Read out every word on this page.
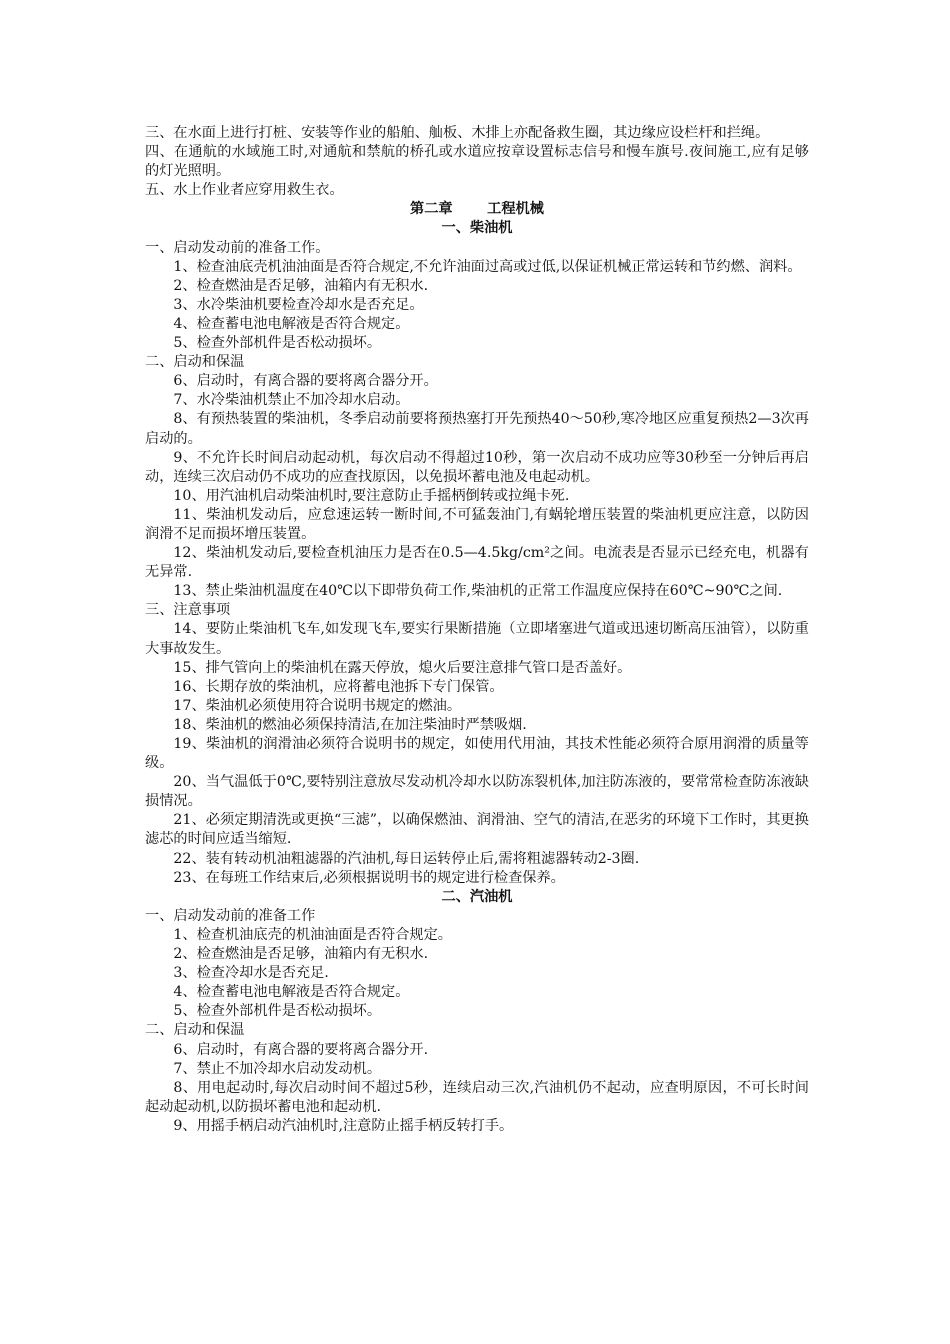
三、在水面上进行打桩、安装等作业的船舶、舢板、木排上亦配备救生圈，其边缘应设栏杆和拦绳。

四、在通航的水域施工时,对通航和禁航的桥孔或水道应按章设置标志信号和慢车旗号.夜间施工,应有足够的灯光照明。

五、水上作业者应穿用救生衣。

第二章       工程机械

一、柴油机

一、启动发动前的准备工作。

1、检查油底壳机油油面是否符合规定,不允许油面过高或过低,以保证机械正常运转和节约燃、润料。

2、检查燃油是否足够，油箱内有无积水.

3、水冷柴油机要检查冷却水是否充足。

4、检查蓄电池电解液是否符合规定。

5、检查外部机件是否松动损坏。

二、启动和保温

6、启动时，有离合器的要将离合器分开。

7、水冷柴油机禁止不加冷却水启动。

8、有预热装置的柴油机，冬季启动前要将预热塞打开先预热40～50秒,寒冷地区应重复预热2—3次再启动的。

9、不允许长时间启动起动机，每次启动不得超过10秒，第一次启动不成功应等30秒至一分钟后再启动，连续三次启动仍不成功的应查找原因，以免损坏蓄电池及电起动机。

10、用汽油机启动柴油机时,要注意防止手摇柄倒转或拉绳卡死.

11、柴油机发动后，应怠速运转一断时间,不可猛轰油门,有蜗轮增压装置的柴油机更应注意，以防因润滑不足而损坏增压装置。

12、柴油机发动后,要检查机油压力是否在0.5—4.5kg/cm²之间。电流表是否显示已经充电，机器有无异常.

13、禁止柴油机温度在40℃以下即带负荷工作,柴油机的正常工作温度应保持在60℃~90℃之间.

三、注意事项

14、要防止柴油机飞车,如发现飞车,要实行果断措施（立即堵塞进气道或迅速切断高压油管），以防重大事故发生。

15、排气管向上的柴油机在露天停放，熄火后要注意排气管口是否盖好。

16、长期存放的柴油机，应将蓄电池拆下专门保管。

17、柴油机必须使用符合说明书规定的燃油。

18、柴油机的燃油必须保持清洁,在加注柴油时严禁吸烟.

19、柴油机的润滑油必须符合说明书的规定，如使用代用油，其技术性能必须符合原用润滑的质量等级。

20、当气温低于0℃,要特别注意放尽发动机冷却水以防冻裂机体,加注防冻液的，要常常检查防冻液缺损情况。

21、必须定期清洗或更换“三滤”，以确保燃油、润滑油、空气的清洁,在恶劣的环境下工作时，其更换滤芯的时间应适当缩短.

22、装有转动机油粗滤器的汽油机,每日运转停止后,需将粗滤器转动2-3圈.

23、在每班工作结束后,必须根据说明书的规定进行检查保养。

二、汽油机

一、启动发动前的准备工作

1、检查机油底壳的机油油面是否符合规定。

2、检查燃油是否足够，油箱内有无积水.

3、检查冷却水是否充足.

4、检查蓄电池电解液是否符合规定。

5、检查外部机件是否松动损坏。

二、启动和保温

6、启动时，有离合器的要将离合器分开.

7、禁止不加冷却水启动发动机。

8、用电起动时,每次启动时间不超过5秒，连续启动三次,汽油机仍不起动，应查明原因，不可长时间起动起动机,以防损坏蓄电池和起动机.

9、用摇手柄启动汽油机时,注意防止摇手柄反转打手。
